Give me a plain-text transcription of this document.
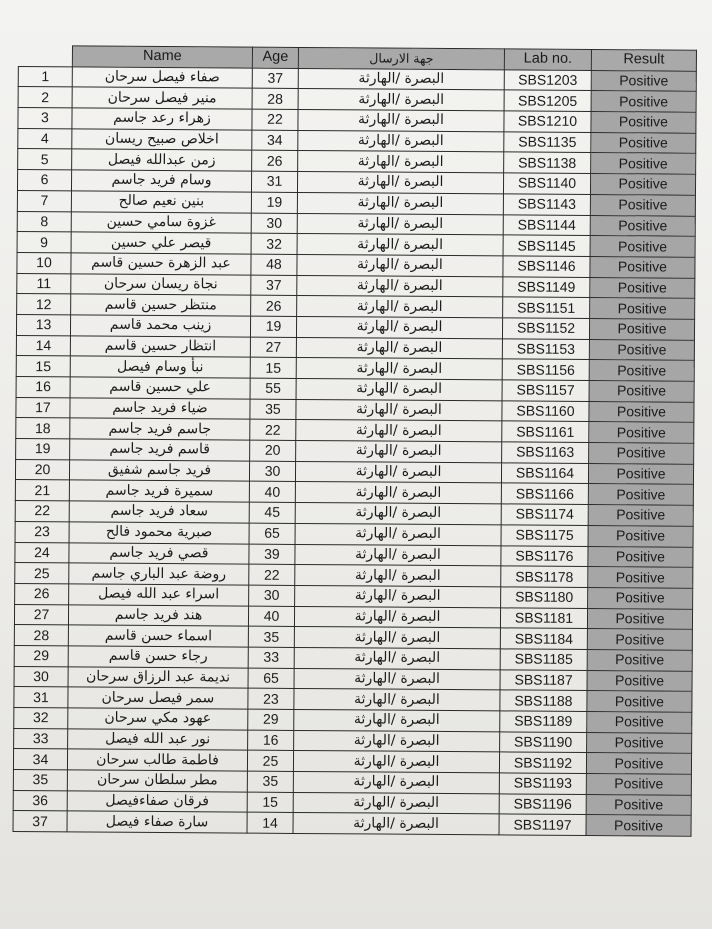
	Name	Age	جهة الارسال	Lab no.	Result
1	صفاء فيصل سرحان	37	البصرة /الهارثة	SBS1203	Positive
2	منير فيصل سرحان	28	البصرة /الهارثة	SBS1205	Positive
3	زهراء رعد جاسم	22	البصرة /الهارثة	SBS1210	Positive
4	اخلاص صبيح ريسان	34	البصرة /الهارثة	SBS1135	Positive
5	زمن عبدالله فيصل	26	البصرة /الهارثة	SBS1138	Positive
6	وسام فريد جاسم	31	البصرة /الهارثة	SBS1140	Positive
7	بنين نعيم صالح	19	البصرة /الهارثة	SBS1143	Positive
8	غزوة سامي حسين	30	البصرة /الهارثة	SBS1144	Positive
9	قيصر علي حسين	32	البصرة /الهارثة	SBS1145	Positive
10	عبد الزهرة حسين قاسم	48	البصرة /الهارثة	SBS1146	Positive
11	نجاة ريسان سرحان	37	البصرة /الهارثة	SBS1149	Positive
12	منتظر حسين قاسم	26	البصرة /الهارثة	SBS1151	Positive
13	زينب محمد قاسم	19	البصرة /الهارثة	SBS1152	Positive
14	انتظار حسين قاسم	27	البصرة /الهارثة	SBS1153	Positive
15	نبأ وسام فيصل	15	البصرة /الهارثة	SBS1156	Positive
16	علي حسين قاسم	55	البصرة /الهارثة	SBS1157	Positive
17	ضياء فريد جاسم	35	البصرة /الهارثة	SBS1160	Positive
18	جاسم فريد جاسم	22	البصرة /الهارثة	SBS1161	Positive
19	قاسم فريد جاسم	20	البصرة /الهارثة	SBS1163	Positive
20	فريد جاسم شفيق	30	البصرة /الهارثة	SBS1164	Positive
21	سميرة فريد جاسم	40	البصرة /الهارثة	SBS1166	Positive
22	سعاد فريد جاسم	45	البصرة /الهارثة	SBS1174	Positive
23	صبرية محمود فالح	65	البصرة /الهارثة	SBS1175	Positive
24	قصي فريد جاسم	39	البصرة /الهارثة	SBS1176	Positive
25	روضة عبد الباري جاسم	22	البصرة /الهارثة	SBS1178	Positive
26	اسراء عبد الله فيصل	30	البصرة /الهارثة	SBS1180	Positive
27	هند فريد جاسم	40	البصرة /الهارثة	SBS1181	Positive
28	اسماء حسن قاسم	35	البصرة /الهارثة	SBS1184	Positive
29	رجاء حسن قاسم	33	البصرة /الهارثة	SBS1185	Positive
30	نديمة عبد الرزاق سرحان	65	البصرة /الهارثة	SBS1187	Positive
31	سمر فيصل سرحان	23	البصرة /الهارثة	SBS1188	Positive
32	عهود مكي سرحان	29	البصرة /الهارثة	SBS1189	Positive
33	نور عبد الله فيصل	16	البصرة /الهارثة	SBS1190	Positive
34	فاطمة طالب سرحان	25	البصرة /الهارثة	SBS1192	Positive
35	مطر سلطان سرحان	35	البصرة /الهارثة	SBS1193	Positive
36	فرقان صفاءفيصل	15	البصرة /الهارثة	SBS1196	Positive
37	سارة صفاء فيصل	14	البصرة /الهارثة	SBS1197	Positive
